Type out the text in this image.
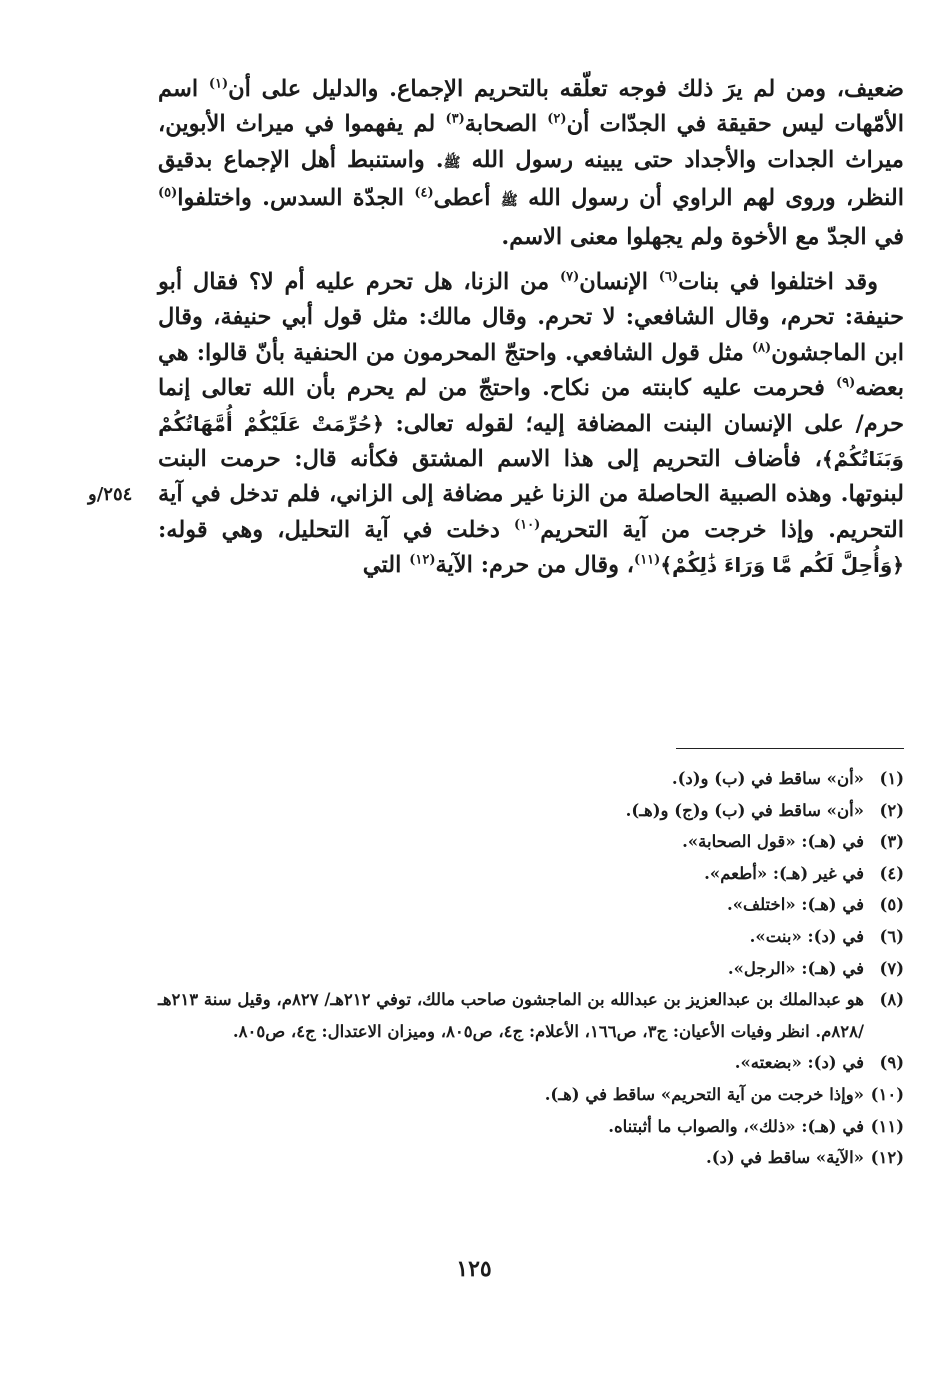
ضعيف، ومن لم يرَ ذلك فوجه تعلّقه بالتحريم الإجماع. والدليل على أن$^{(١)}$ اسم الأمّهات ليس حقيقة في الجدّات أن$^{(٢)}$ الصحابة$^{(٣)}$ لم يفهموا في ميراث الأبوين، ميراث الجدات والأجداد حتى يبينه رسول الله ﷺ. واستنبط أهل الإجماع بدقيق النظر، وروى لهم الراوي أن رسول الله ﷺ أعطى$^{(٤)}$ الجدّة السدس. واختلفوا$^{(٥)}$ في الجدّ مع الأخوة ولم يجهلوا معنى الاسم.

وقد اختلفوا في بنات$^{(٦)}$ الإنسان$^{(٧)}$ من الزنا، هل تحرم عليه أم لا؟ فقال أبو حنيفة: تحرم، وقال الشافعي: لا تحرم. وقال مالك: مثل قول أبي حنيفة، وقال ابن الماجشون$^{(٨)}$ مثل قول الشافعي. واحتجّ المحرمون من الحنفية بأنّ قالوا: هي بعضه$^{(٩)}$ فحرمت عليه كابنته من نكاح. واحتجّ من لم يحرم بأن الله تعالى إنما حرم/ على الإنسان البنت المضافة إليه؛ لقوله تعالى: ﴿حُرِّمَتْ عَلَيْكُمْ أُمَّهَاتُكُمْ وَبَنَاتُكُمْ﴾، فأضاف التحريم إلى هذا الاسم المشتق فكأنه قال: حرمت البنت لبنوتها. وهذه الصبية الحاصلة من الزنا غير مضافة إلى الزاني، فلم تدخل في آية التحريم. وإذا خرجت من آية التحريم$^{(١٠)}$ دخلت في آية التحليل، وهي قوله: ﴿وَأُحِلَّ لَكُم مَّا وَرَاءَ ذَٰلِكُمْ﴾$^{(١١)}$، وقال من حرم: الآية$^{(١٢)}$ التي

٢٥٤/و
(١)
«أن» ساقط في (ب) و(د).
(٢)
«أن» ساقط في (ب) و(ج) و(هـ).
(٣)
في (هـ): «قول الصحابة».
(٤)
في غير (هـ): «أطعم».
(٥)
في (هـ): «اختلف».
(٦)
في (د): «بنت».
(٧)
في (هـ): «الرجل».
(٨)
هو عبدالملك بن عبدالعزيز بن عبدالله بن الماجشون صاحب مالك، توفي ٢١٢هـ/ ٨٢٧م، وقيل سنة ٢١٣هـ /٨٢٨م. انظر وفيات الأعيان: ج٣، ص١٦٦، الأعلام: ج٤، ص٨٠٥، وميزان الاعتدال: ج٤، ص٨٠٥.
(٩)
في (د): «بضعته».
(١٠)
«وإذا خرجت من آية التحريم» ساقط في (هـ).
(١١)
في (هـ): «ذلك»، والصواب ما أثبتناه.
(١٢)
«الآية» ساقط في (د).
١٢٥
